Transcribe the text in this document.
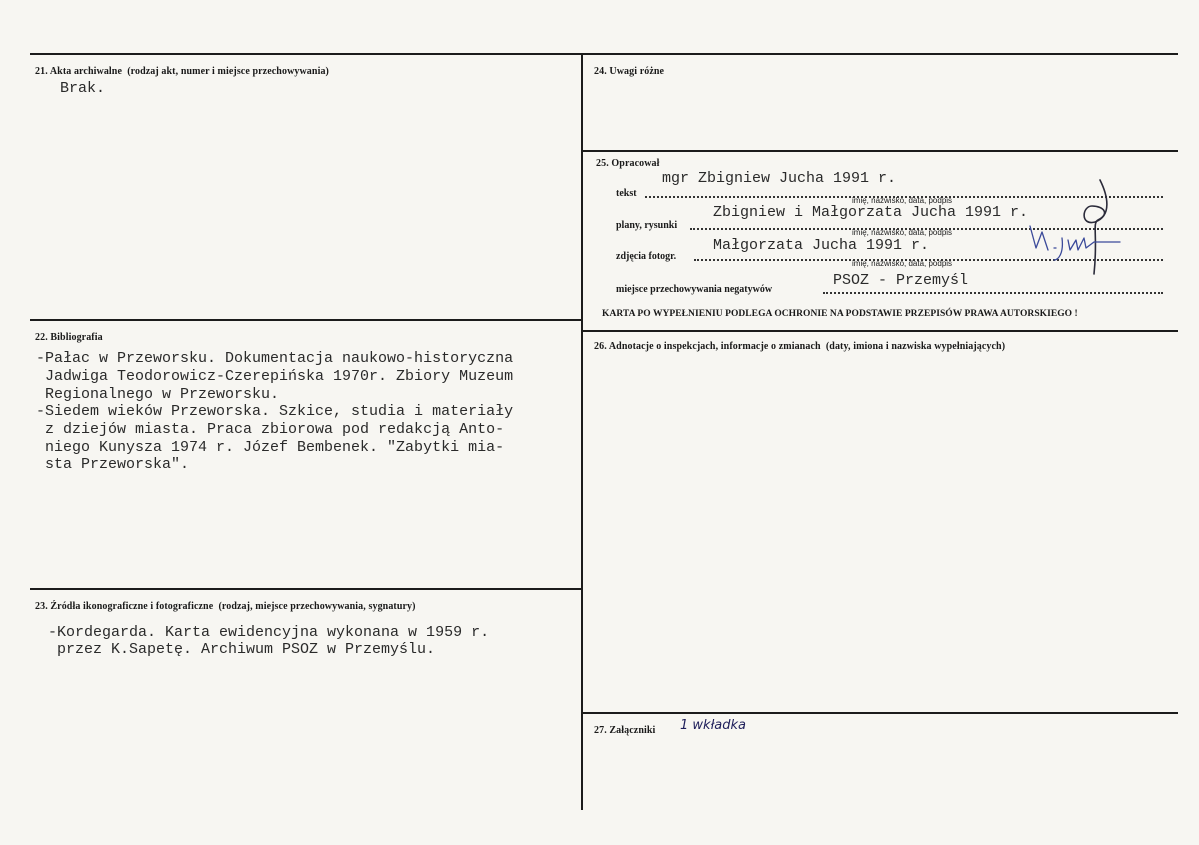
21. Akta archiwalne (rodzaj akt, numer i miejsce przechowywania)
Brak.
22. Bibliografia
-Pałac w Przeworsku. Dokumentacja naukowo-historyczna
Jadwiga Teodorowicz-Czerepińska 1970r. Zbiory Muzeum
Regionalnego w Przeworsku.
-Siedem wieków Przeworska. Szkice, studia i materiały
z dziejów miasta. Praca zbiorowa pod redakcją Anto-
niego Kunysza 1974 r. Józef Bembenek. "Zabytki mia-
sta Przeworska".
23. Źródła ikonograficzne i fotograficzne (rodzaj, miejsce przechowywania, sygnatury)
-Kordegarda. Karta ewidencyjna wykonana w 1959 r.
przez K.Sapetę. Archiwum PSOZ w Przemyślu.
24. Uwagi różne
25. Opracował
tekst
mgr Zbigniew Jucha 1991 r.
imię, nazwisko, data, podpis
plany, rysunki
Zbigniew i Małgorzata Jucha 1991 r.
imię, nazwisko, data, podpis
zdjęcia fotogr.
Małgorzata Jucha 1991 r.
imię, nazwisko, data, podpis
miejsce przechowywania negatywów
PSOZ - Przemyśl
KARTA PO WYPEŁNIENIU PODLEGA OCHRONIE NA PODSTAWIE PRZEPISÓW PRAWA AUTORSKIEGO !
26. Adnotacje o inspekcjach, informacje o zmianach (daty, imiona i nazwiska wypełniających)
27. Załączniki 1 wkładka
